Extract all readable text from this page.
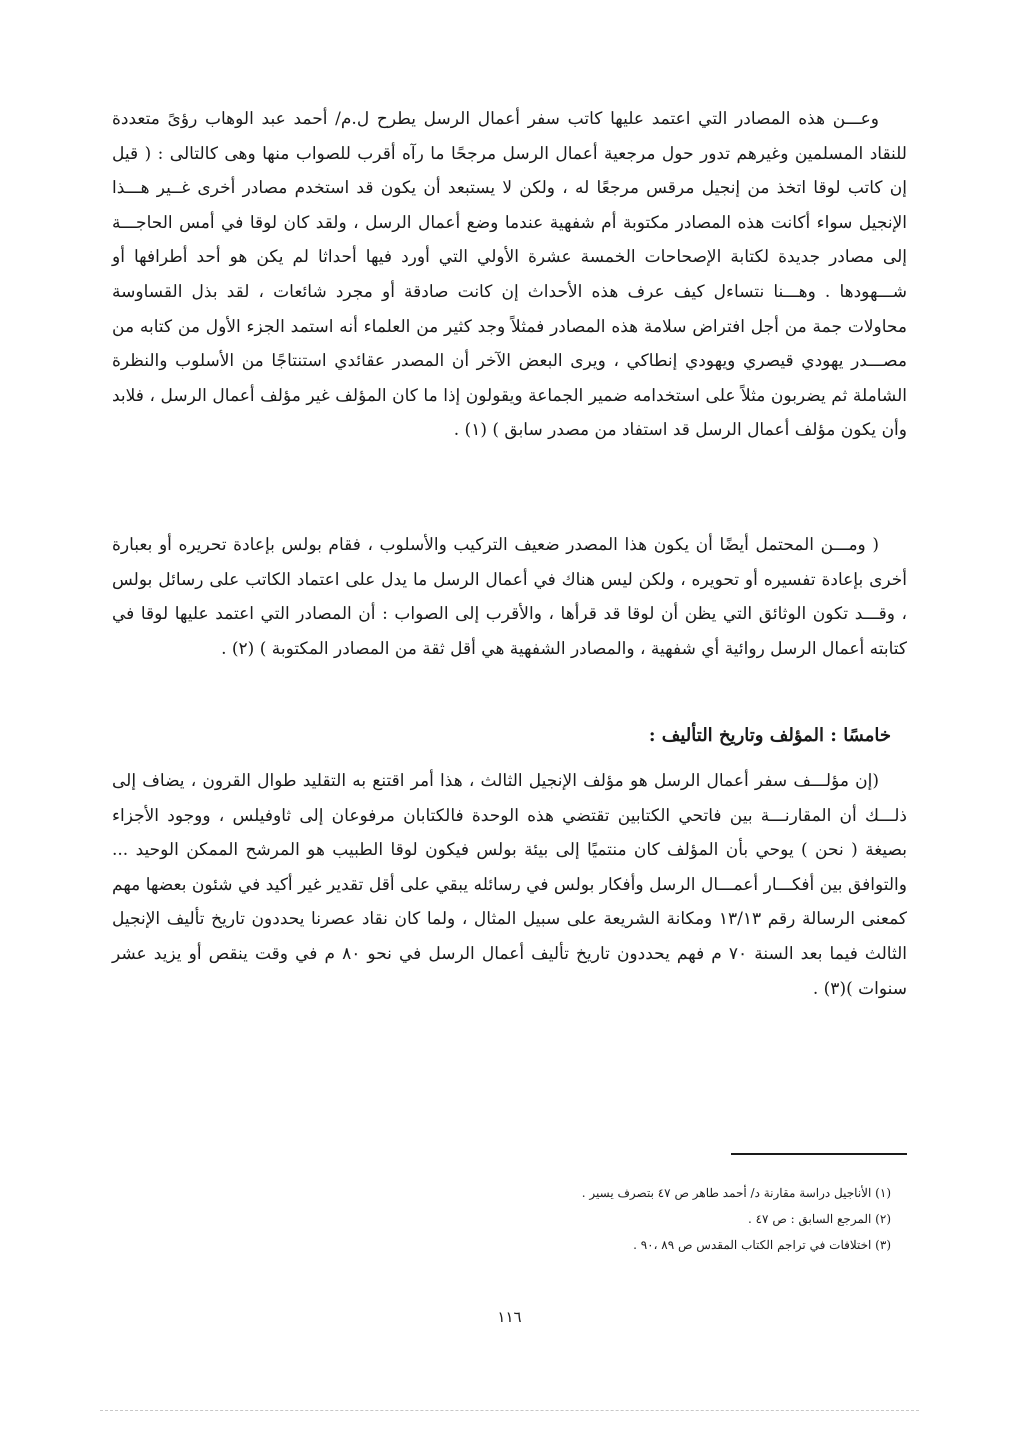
وعـــن هذه المصادر التي اعتمد عليها كاتب سفر أعمال الرسل يطرح ل.م/ أحمد عبد الوهاب رؤىً متعددة للنقاد المسلمين وغيرهم تدور حول مرجعية أعمال الرسل مرجحًا ما رآه أقرب للصواب منها وهى كالتالى : ( قيل إن كاتب لوقا اتخذ من إنجيل مرقس مرجعًا له ، ولكن لا يستبعد أن يكون قد استخدم مصادر أخرى غــير هـــذا الإنجيل سواء أكانت هذه المصادر مكتوبة أم شفهية عندما وضع أعمال الرسل ، ولقد كان لوقا في أمس الحاجـــة إلى مصادر جديدة لكتابة الإصحاحات الخمسة عشرة الأولي التي أورد فيها أحداثا لم يكن هو أحد أطرافها أو شـــهودها . وهـــنا نتساءل كيف عرف هذه الأحداث إن كانت صادقة أو مجرد شائعات ، لقد بذل القساوسة محاولات جمة من أجل افتراض سلامة هذه المصادر فمثلاً وجد كثير من العلماء أنه استمد الجزء الأول من كتابه من مصـــدر يهودي قيصري ويهودي إنطاكي ، ويرى البعض الآخر أن المصدر عقائدي استنتاجًا من الأسلوب والنظرة الشاملة ثم يضربون مثلاً على استخدامه ضمير الجماعة ويقولون إذا ما كان المؤلف غير مؤلف أعمال الرسل ، فلابد وأن يكون مؤلف أعمال الرسل قد استفاد من مصدر سابق ) (١) .

( ومـــن المحتمل أيضًا أن يكون هذا المصدر ضعيف التركيب والأسلوب ، فقام بولس بإعادة تحريره أو بعبارة أخرى بإعادة تفسيره أو تحويره ، ولكن ليس هناك في أعمال الرسل ما يدل على اعتماد الكاتب على رسائل بولس ، وقـــد تكون الوثائق التي يظن أن لوقا قد قرأها ، والأقرب إلى الصواب : أن المصادر التي اعتمد عليها لوقا في كتابته أعمال الرسل روائية أي شفهية ، والمصادر الشفهية هي أقل ثقة من المصادر المكتوبة ) (٢) .

خامسًا : المؤلف وتاريخ التأليف :

(إن مؤلـــف سفر أعمال الرسل هو مؤلف الإنجيل الثالث ، هذا أمر اقتنع به التقليد طوال القرون ، يضاف إلى ذلـــك أن المقارنـــة بين فاتحي الكتابين تقتضي هذه الوحدة فالكتابان مرفوعان إلى ثاوفيلس ، ووجود الأجزاء بصيغة ( نحن ) يوحي بأن المؤلف كان منتميًا إلى بيئة بولس فيكون لوقا الطبيب هو المرشح الممكن الوحيد ... والتوافق بين أفكـــار أعمـــال الرسل وأفكار بولس في رسائله يبقي على أقل تقدير غير أكيد في شئون بعضها مهم كمعنى الرسالة رقم ١٣/١٣ ومكانة الشريعة على سبيل المثال ، ولما كان نقاد عصرنا يحددون تاريخ تأليف الإنجيل الثالث فيما بعد السنة ٧٠ م فهم يحددون تاريخ تأليف أعمال الرسل في نحو ٨٠ م في وقت ينقص أو يزيد عشر سنوات )(٣) .

(١) الأناجيل دراسة مقارنة د/ أحمد طاهر ص ٤٧ بتصرف يسير .
(٢) المرجع السابق : ص ٤٧ .
(٣) اختلافات في تراجم الكتاب المقدس ص ٨٩ ،٩٠ .
١١٦
